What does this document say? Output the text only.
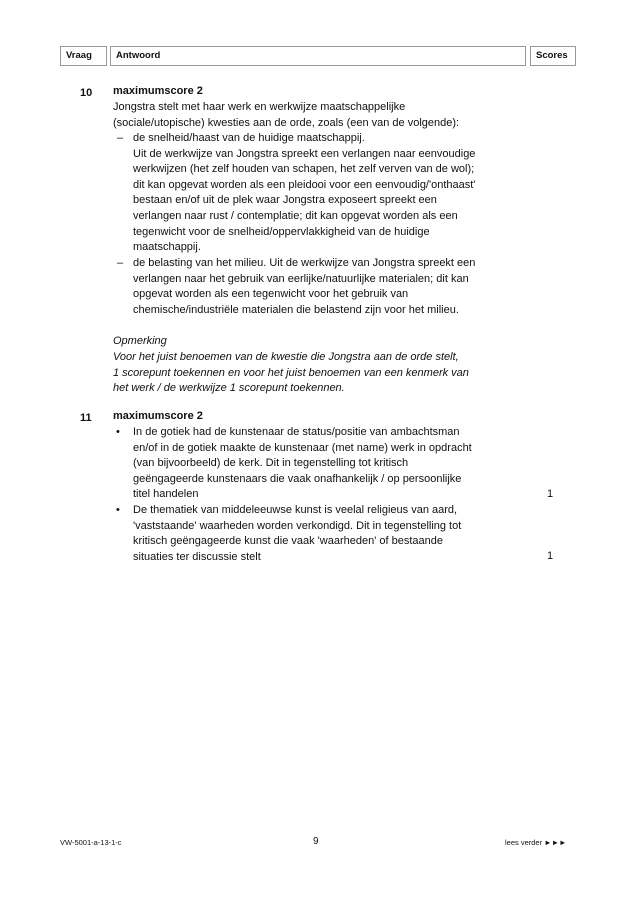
Vraag	Antwoord	Scores
10 maximumscore 2
Jongstra stelt met haar werk en werkwijze maatschappelijke
(sociale/utopische) kwesties aan de orde, zoals (een van de volgende):
– de snelheid/haast van de huidige maatschappij.
Uit de werkwijze van Jongstra spreekt een verlangen naar eenvoudige
werkwijzen (het zelf houden van schapen, het zelf verven van de wol);
dit kan opgevat worden als een pleidooi voor een eenvoudig/'onthaast'
bestaan en/of uit de plek waar Jongstra exposeert spreekt een
verlangen naar rust / contemplatie; dit kan opgevat worden als een
tegenwicht voor de snelheid/oppervlakkigheid van de huidige
maatschappij.
– de belasting van het milieu. Uit de werkwijze van Jongstra spreekt een
verlangen naar het gebruik van eerlijke/natuurlijke materialen; dit kan
opgevat worden als een tegenwicht voor het gebruik van
chemische/industriële materialen die belastend zijn voor het milieu.
Opmerking
Voor het juist benoemen van de kwestie die Jongstra aan de orde stelt,
1 scorepunt toekennen en voor het juist benoemen van een kenmerk van
het werk / de werkwijze 1 scorepunt toekennen.
11 maximumscore 2
• In de gotiek had de kunstenaar de status/positie van ambachtsman
en/of in de gotiek maakte de kunstenaar (met name) werk in opdracht
(van bijvoorbeeld) de kerk. Dit in tegenstelling tot kritisch
geëngageerde kunstenaars die vaak onafhankelijk / op persoonlijke
titel handelen	1
• De thematiek van middeleeuwse kunst is veelal religieus van aard,
'vaststaande' waarheden worden verkondigd. Dit in tegenstelling tot
kritisch geëngageerde kunst die vaak 'waarheden' of bestaande
situaties ter discussie stelt	1
VW-5001-a-13-1-c	9	lees verder ►►►
